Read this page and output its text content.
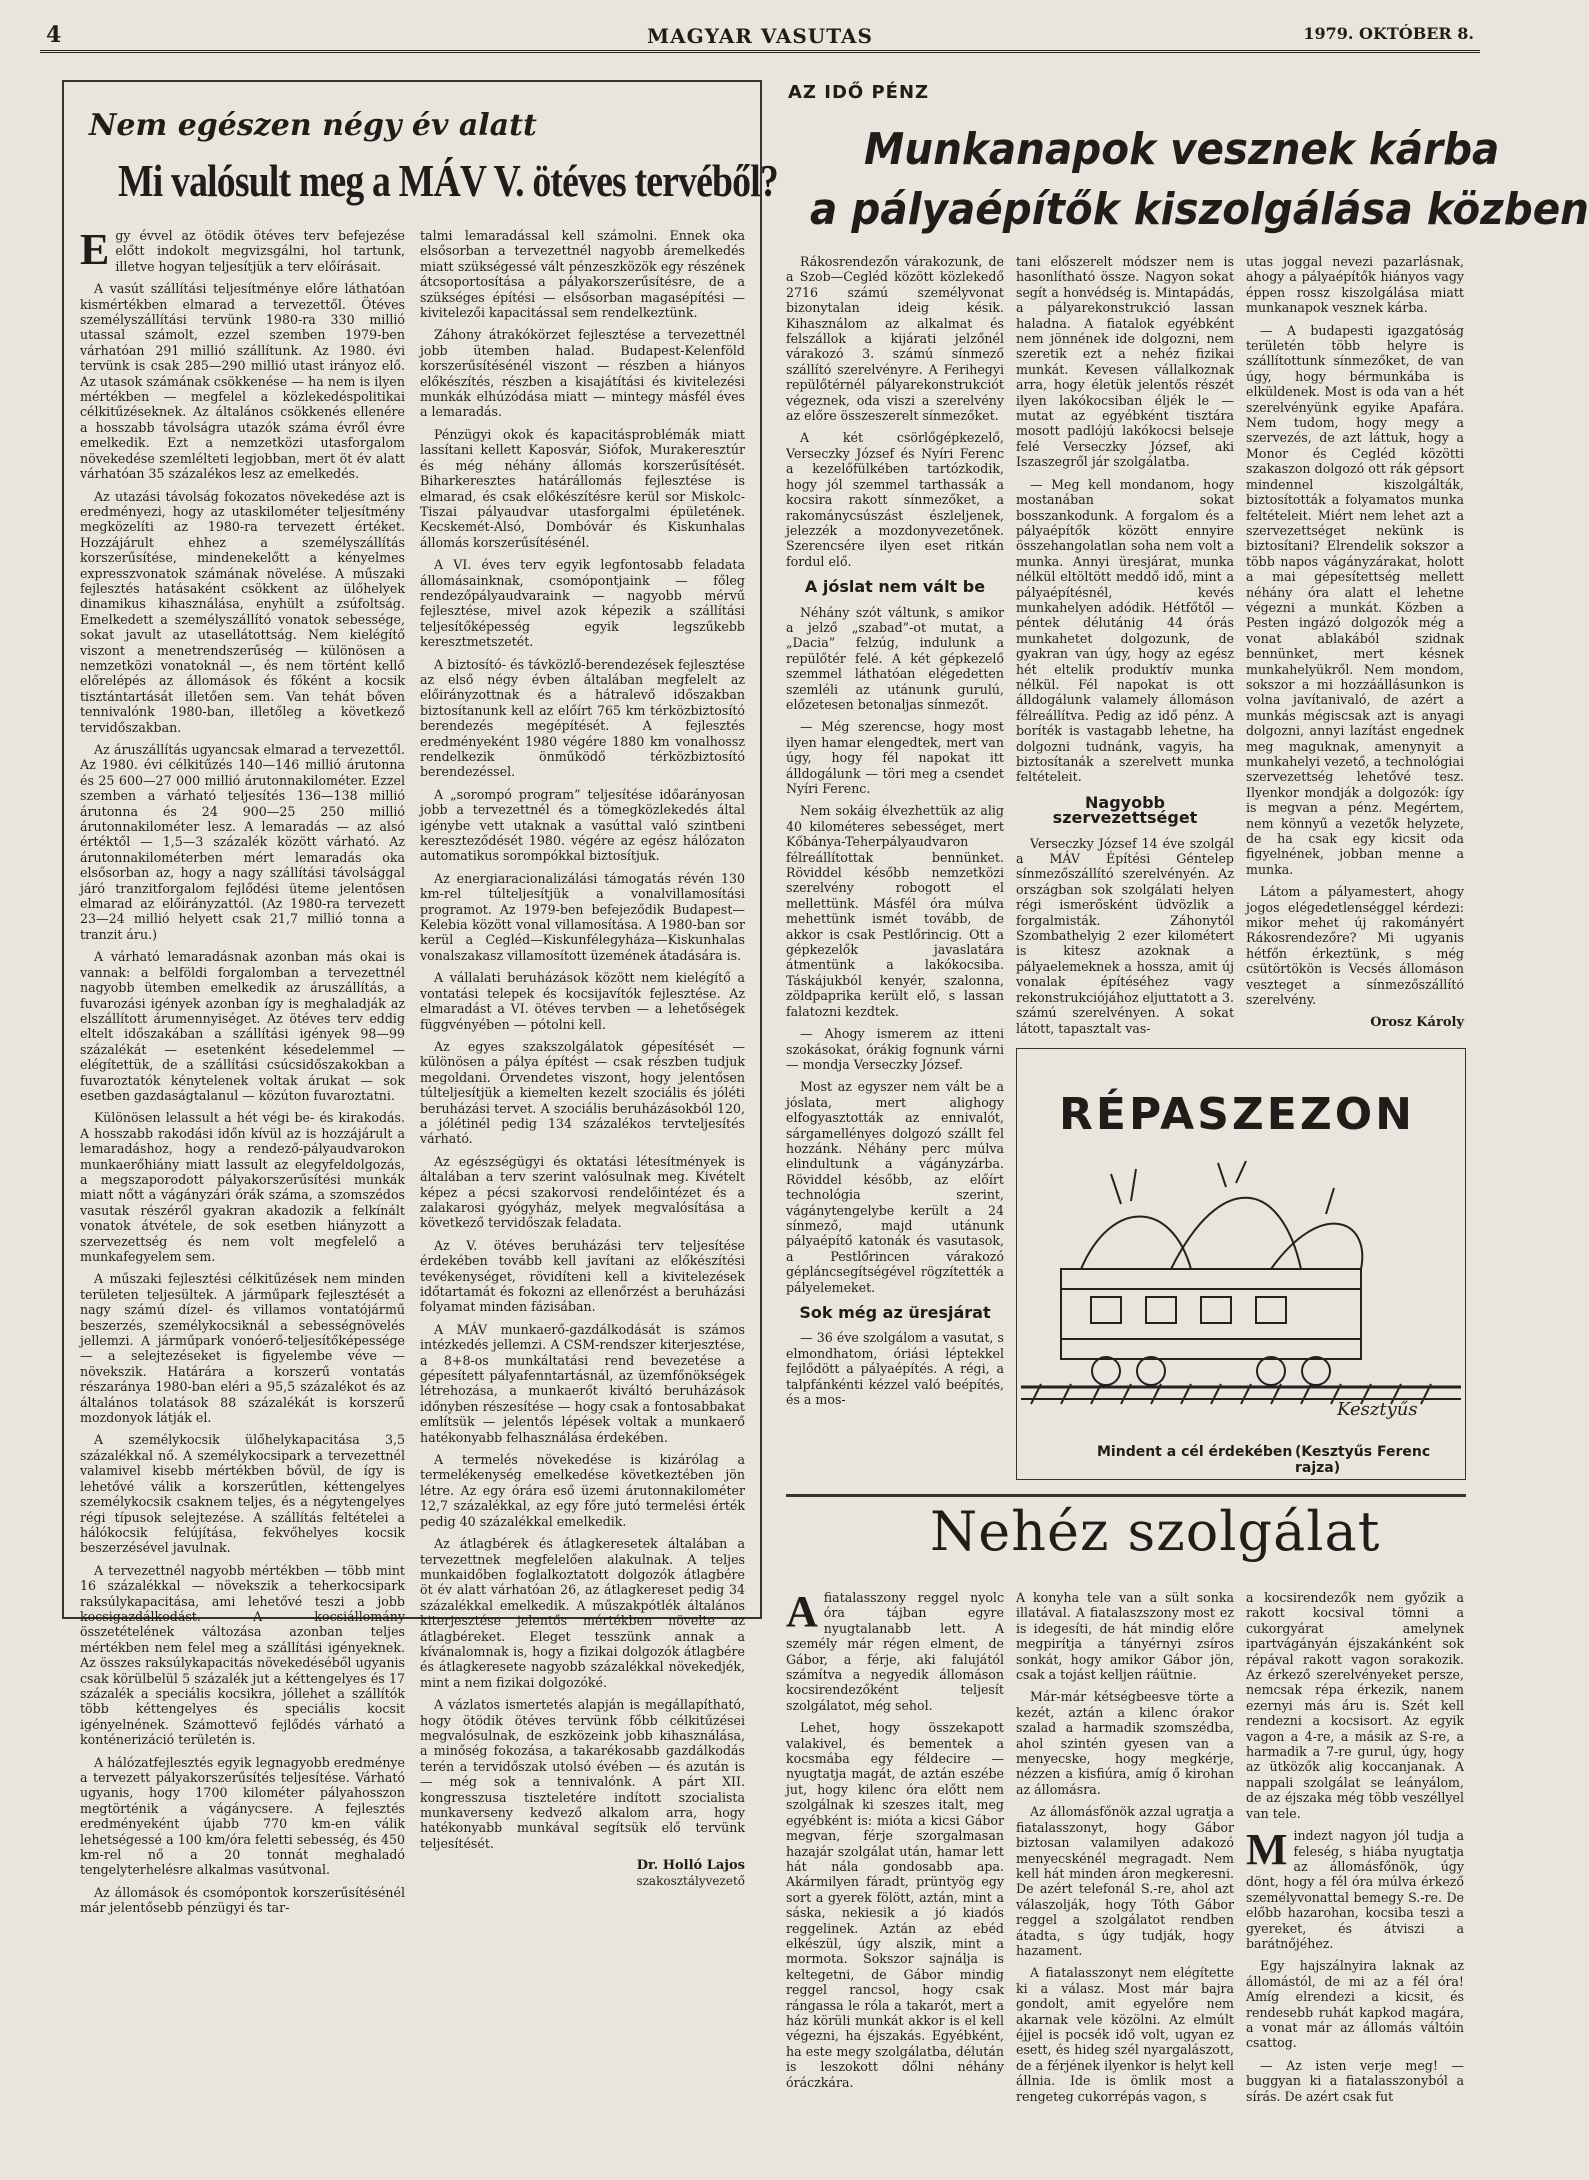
4	MAGYAR VASUTAS	1979. OKTÓBER 8.
Nem egészen négy év alatt
Mi valósult meg a MÁV V. ötéves tervéből?

Egy évvel az ötödik ötéves terv befejezése előtt indokolt megvizsgálni, hol tartunk, illetve hogyan teljesítjük a terv előírásait.

A vasút szállítási teljesítménye előre láthatóan kismértékben elmarad a tervezettől. Ötéves személyszállítási tervünk 1980-ra 330 millió utassal számolt, ezzel szemben 1979-ben várhatóan 291 millió szállítunk. Az 1980. évi tervünk is csak 285—290 millió utast irányoz elő. Az utasok számának csökkenése — ha nem is ilyen mértékben — megfelel a közlekedéspolitikai célkitűzéseknek. Az általános csökkenés ellenére a hosszabb távolságra utazók száma évről évre emelkedik. Ezt a nemzetközi utasforgalom növekedése szemlélteti legjobban, mert öt év alatt várhatóan 35 százalékos lesz az emelkedés.

Az utazási távolság fokozatos növekedése azt is eredményezi, hogy az utaskilométer teljesítmény megközelíti az 1980-ra tervezett értéket. Hozzájárult ehhez a személyszállítás korszerűsítése, mindenekelőtt a kényelmes expresszvonatok számának növelése. A műszaki fejlesztés hatásaként csökkent az ülőhelyek dinamikus kihasználása, enyhült a zsúfoltság. Emelkedett a személyszállító vonatok sebessége, sokat javult az utasellátottság. Nem kielégítő viszont a menetrendszerűség — különösen a nemzetközi vonatoknál —, és nem történt kellő előrelépés az állomások és főként a kocsik tisztántartását illetően sem. Van tehát bőven tennivalónk 1980-ban, illetőleg a következő tervidőszakban.

Az áruszállítás ugyancsak elmarad a tervezettől. Az 1980. évi célkitűzés 140—146 millió árutonna és 25 600—27 000 millió árutonnakilométer. Ezzel szemben a várható teljesítés 136—138 millió árutonna és 24 900—25 250 millió árutonnakilométer lesz. A lemaradás — az alsó értéktől — 1,5—3 százalék között várható. Az árutonnakilométerben mért lemaradás oka elsősorban az, hogy a nagy szállítási távolsággal járó tranzitforgalom fejlődési üteme jelentősen elmarad az előirányzattól. (Az 1980-ra tervezett 23—24 millió helyett csak 21,7 millió tonna a tranzit áru.)

A várható lemaradásnak azonban más okai is vannak: a belföldi forgalomban a tervezettnél nagyobb ütemben emelkedik az áruszállítás, a fuvarozási igények azonban így is meghaladják az elszállított árumennyiséget. Az ötéves terv eddig eltelt időszakában a szállítási igények 98—99 százalékát — esetenként késedelemmel — elégítettük, de a szállítási csúcsidőszakokban a fuvaroztatók kénytelenek voltak árukat — sok esetben gazdaságtalanul — közúton fuvaroztatni.

Különösen lelassult a hét végi be- és kirakodás. A hosszabb rakodási időn kívül az is hozzájárult a lemaradáshoz, hogy a rendező-pályaudvarokon munkaerőhiány miatt lassult az elegyfeldolgozás, a megszaporodott pályakorszerűsítési munkák miatt nőtt a vágányzári órák száma, a szomszédos vasutak részéről gyakran akadozik a felkínált vonatok átvétele, de sok esetben hiányzott a szervezettség és nem volt megfelelő a munkafegyelem sem.

A műszaki fejlesztési célkitűzések nem minden területen teljesültek. A járműpark fejlesztését a nagy számú dízel- és villamos vontatójármű beszerzés, személykocsiknál a sebességnövelés jellemzi. A járműpark vonóerő-teljesítőképessége — a selejtezéseket is figyelembe véve — növekszik. Határára a korszerű vontatás részaránya 1980-ban eléri a 95,5 százalékot és az általános tolatások 88 százalékát is korszerű mozdonyok látják el.

A személykocsik ülőhelykapacitása 3,5 százalékkal nő. A személykocsipark a tervezettnél valamivel kisebb mértékben bővül, de így is lehetővé válik a korszerűtlen, kéttengelyes személykocsik csaknem teljes, és a négytengelyes régi típusok selejtezése. A szállítás feltételei a hálókocsik felújítása, fekvőhelyes kocsik beszerzésével javulnak.

A tervezettnél nagyobb mértékben — több mint 16 százalékkal — növekszik a teherkocsipark raksúlykapacitása, ami lehetővé teszi a jobb kocsigazdálkodást. A kocsiállomány összetételének változása azonban teljes mértékben nem felel meg a szállítási igényeknek. Az összes raksúlykapacitás növekedéséből ugyanis csak körülbelül 5 százalék jut a kéttengelyes és 17 százalék a speciális kocsikra, jóllehet a szállítók több kéttengelyes és speciális kocsit igényelnének. Számottevő fejlődés várható a konténerizáció területén is.

A hálózatfejlesztés egyik legnagyobb eredménye a tervezett pályakorszerűsítés teljesítése. Várható ugyanis, hogy 1700 kilométer pályahosszon megtörténik a vágánycsere. A fejlesztés eredményeként újabb 770 km-en válik lehetségessé a 100 km/óra feletti sebesség, és 450 km-rel nő a 20 tonnát meghaladó tengelyterhelésre alkalmas vasútvonal.

Az állomások és csomópontok korszerűsítésénél már jelentősebb pénzügyi és tar-

talmi lemaradással kell számolni. Ennek oka elsősorban a tervezettnél nagyobb áremelkedés miatt szükségessé vált pénzeszközök egy részének átcsoportosítása a pályakorszerűsítésre, de a szükséges építési — elsősorban magasépítési — kivitelezői kapacitással sem rendelkeztünk.

Záhony átrakókörzet fejlesztése a tervezettnél jobb ütemben halad. Budapest-Kelenföld korszerűsítésénél viszont — részben a hiányos előkészítés, részben a kisajátítási és kivitelezési munkák elhúzódása miatt — mintegy másfél éves a lemaradás.

Pénzügyi okok és kapacitásproblémák miatt lassítani kellett Kaposvár, Siófok, Murakeresztúr és még néhány állomás korszerűsítését. Biharkeresztes határállomás fejlesztése is elmarad, és csak előkészítésre kerül sor Miskolc-Tiszai pályaudvar utasforgalmi épületének. Kecskemét-Alsó, Dombóvár és Kiskunhalas állomás korszerűsítésénél.

A VI. éves terv egyik legfontosabb feladata állomásainknak, csomópontjaink — főleg rendezőpályaudvaraink — nagyobb mérvű fejlesztése, mivel azok képezik a szállítási teljesítőképesség egyik legszűkebb keresztmetszetét.

A biztosító- és távközlő-berendezések fejlesztése az első négy évben általában megfelelt az előirányzottnak és a hátralevő időszakban biztosítanunk kell az előírt 765 km térközbiztosító berendezés megépítését. A fejlesztés eredményeként 1980 végére 1880 km vonalhossz rendelkezik önműködő térközbiztosító berendezéssel.

A „sorompó program” teljesítése időarányosan jobb a tervezettnél és a tömegközlekedés által igénybe vett utaknak a vasúttal való szintbeni kereszteződését 1980. végére az egész hálózaton automatikus sorompókkal biztosítjuk.

Az energiaracionalizálási támogatás révén 130 km-rel túlteljesítjük a vonalvillamosítási programot. Az 1979-ben befejeződik Budapest—Kelebia között vonal villamosítása. A 1980-ban sor kerül a Cegléd—Kiskunfélegyháza—Kiskunhalas vonalszakasz villamosított üzemének átadására is.

A vállalati beruházások között nem kielégítő a vontatási telepek és kocsijavítók fejlesztése. Az elmaradást a VI. ötéves tervben — a lehetőségek függvényében — pótolni kell.

Az egyes szakszolgálatok gépesítését — különösen a pálya építést — csak részben tudjuk megoldani. Örvendetes viszont, hogy jelentősen túlteljesítjük a kiemelten kezelt szociális és jóléti beruházási tervet. A szociális beruházásokból 120, a jólétinél pedig 134 százalékos tervteljesítés várható.

Az egészségügyi és oktatási létesítmények is általában a terv szerint valósulnak meg. Kivételt képez a pécsi szakorvosi rendelőintézet és a zalakarosi gyógyház, melyek megvalósítása a következő tervidőszak feladata.

Az V. ötéves beruházási terv teljesítése érdekében tovább kell javítani az előkészítési tevékenységet, rövidíteni kell a kivitelezések időtartamát és fokozni az ellenőrzést a beruházási folyamat minden fázisában.

A MÁV munkaerő-gazdálkodását is számos intézkedés jellemzi. A CSM-rendszer kiterjesztése, a 8+8-os munkáltatási rend bevezetése a gépesített pályafenntartásnál, az üzemfőnökségek létrehozása, a munkaerőt kiváltó beruházások időnyben részesítése — hogy csak a fontosabbakat említsük — jelentős lépések voltak a munkaerő hatékonyabb felhasználása érdekében.

A termelés növekedése is kizárólag a termelékenység emelkedése következtében jön létre. Az egy órára eső üzemi árutonnakilométer 12,7 százalékkal, az egy főre jutó termelési érték pedig 40 százalékkal emelkedik.

Az átlagbérek és átlagkeresetek általában a tervezettnek megfelelően alakulnak. A teljes munkaidőben foglalkoztatott dolgozók átlagbére öt év alatt várhatóan 26, az átlagkereset pedig 34 százalékkal emelkedik. A műszakpótlék általános kiterjesztése jelentős mértékben növelte az átlagbéreket. Eleget tesszünk annak a kívánalomnak is, hogy a fizikai dolgozók átlagbére és átlagkeresete nagyobb százalékkal növekedjék, mint a nem fizikai dolgozóké.

A vázlatos ismertetés alapján is megállapítható, hogy ötödik ötéves tervünk főbb célkitűzései megvalósulnak, de eszközeink jobb kihasználása, a minőség fokozása, a takarékosabb gazdálkodás terén a tervidőszak utolsó évében — és azután is — még sok a tennivalónk. A párt XII. kongresszusa tiszteletére indított szocialista munkaverseny kedvező alkalom arra, hogy hatékonyabb munkával segítsük elő tervünk teljesítését.

Dr. Holló Lajos
szakosztályvezető
AZ IDŐ PÉNZ
Munkanapok vesznek kárba
a pályaépítők kiszolgálása közben

Rákosrendezőn várakozunk, de a Szob—Cegléd között közlekedő 2716 számú személyvonat bizonytalan ideig késik. Kihasználom az alkalmat és felszállok a kijárati jelzőnél várakozó 3. számú sínmező szállító szerelvényre. A Ferihegyi repülőtérnél pályarekonstrukciót végeznek, oda viszi a szerelvény az előre összeszerelt sínmezőket.

A két csörlőgépkezelő, Verseczky József és Nyíri Ferenc a kezelőfülkében tartózkodik, hogy jól szemmel tarthassák a kocsira rakott sínmezőket, a rakománycsúszást észleljenek, jelezzék a mozdonyvezetőnek. Szerencsére ilyen eset ritkán fordul elő.

A jóslat nem vált be

Néhány szót váltunk, s amikor a jelző „szabad”-ot mutat, a „Dacia” felzúg, indulunk a repülőtér felé. A két gépkezelő szemmel láthatóan elégedetten szemléli az utánunk gurulú, előzetesen betonaljas sínmezőt.

— Még szerencse, hogy most ilyen hamar elengedtek, mert van úgy, hogy fél napokat itt álldogálunk — töri meg a csendet Nyíri Ferenc.

Nem sokáig élvezhettük az alig 40 kilométeres sebességet, mert Kőbánya-Teherpályaudvaron félreállítottak bennünket. Röviddel később nemzetközi szerelvény robogott el mellettünk. Másfél óra múlva mehettünk ismét tovább, de akkor is csak Pestlőrincig. Ott a gépkezelők javaslatára átmentünk a lakókocsiba. Táskájukból kenyér, szalonna, zöldpaprika került elő, s lassan falatozni kezdtek.

— Ahogy ismerem az itteni szokásokat, órákig fognunk várni — mondja Verseczky József.

Most az egyszer nem vált be a jóslata, mert alighogy elfogyasztották az ennivalót, sárgamellényes dolgozó szállt fel hozzánk. Néhány perc múlva elindultunk a vágányzárba. Röviddel később, az előírt technológia szerint, vágánytengelybe került a 24 sínmező, majd utánunk pályaépítő katonák és vasutasok, a Pestlőrincen várakozó gépláncsegítségével rögzítették a pályelemeket.

Sok még az üresjárat

— 36 éve szolgálom a vasutat, s elmondhatom, óriási léptekkel fejlődött a pályaépítés. A régi, a talpfánkénti kézzel való beépítés, és a mos-

tani előszerelt módszer nem is hasonlítható össze. Nagyon sokat segít a honvédség is. Mintapádás, a pályarekonstrukció lassan haladna. A fiatalok egyébként nem jönnének ide dolgozni, nem szeretik ezt a nehéz fizikai munkát. Kevesen vállalkoznak arra, hogy életük jelentős részét ilyen lakókocsiban éljék le — mutat az egyébként tisztára mosott padlójú lakókocsi belseje felé Verseczky József, aki Iszaszegről jár szolgálatba.

— Meg kell mondanom, hogy mostanában sokat bosszankodunk. A forgalom és a pályaépítők között ennyire összehangolatlan soha nem volt a munka. Annyi üresjárat, munka nélkül eltöltött meddő idő, mint a pályaépítésnél, kevés munkahelyen adódik. Hétfőtől — péntek délutánig 44 órás munkahetet dolgozunk, de gyakran van úgy, hogy az egész hét eltelik produktív munka nélkül. Fél napokat is ott álldogálunk valamely állomáson félreállítva. Pedig az idő pénz. A boríték is vastagabb lehetne, ha dolgozni tudnánk, vagyis, ha biztosítanák a szerelvett munka feltételeit.

Nagyobb szervezettséget

Verseczky József 14 éve szolgál a MÁV Építési Géntelep sínmezőszállító szerelvényén. Az országban sok szolgálati helyen régi ismerősként üdvözlik a forgalmisták. Záhonytól Szombathelyig 2 ezer kilométert is kitesz azoknak a pályaelemeknek a hossza, amit új vonalak építéséhez vagy rekonstrukciójához eljuttatott a 3. számú szerelvényen. A sokat látott, tapasztalt vas-

utas joggal nevezi pazarlásnak, ahogy a pályaépítők hiányos vagy éppen rossz kiszolgálása miatt munkanapok vesznek kárba.

— A budapesti igazgatóság területén több helyre is szállítottunk sínmezőket, de van úgy, hogy bérmunkába is elküldenek. Most is oda van a hét szerelvényünk egyike Apafára. Nem tudom, hogy megy a szervezés, de azt láttuk, hogy a Monor és Cegléd közötti szakaszon dolgozó ott rák gépsort mindennel kiszolgálták, biztosították a folyamatos munka feltételeit. Miért nem lehet azt a szervezettséget nekünk is biztosítani? Elrendelik sokszor a több napos vágányzárakat, holott a mai gépesítettség mellett néhány óra alatt el lehetne végezni a munkát. Közben a Pesten ingázó dolgozók még a vonat ablakából szidnak bennünket, mert késnek munkahelyükről. Nem mondom, sokszor a mi hozzáállásunkon is volna javítanivaló, de azért a munkás mégiscsak azt is anyagi dolgozni, annyi lazítást engednek meg maguknak, amenynyit a munkahelyi vezető, a technológiai szervezettség lehetővé tesz. Ilyenkor mondják a dolgozók: így is megvan a pénz. Megértem, nem könnyű a vezetők helyzete, de ha csak egy kicsit oda figyelnének, jobban menne a munka.

Látom a pályamestert, ahogy jogos elégedetlenséggel kérdezi: mikor mehet új rakományért Rákosrendezőre? Mi ugyanis hétfőn érkeztünk, s még csütörtökön is Vecsés állomáson veszteget a sínmezőszállító szerelvény.

Orosz Károly
RÉPASZEZON
Kesztyűs
Mindent a cél érdekében (Kesztyűs Ferenc rajza)
Nehéz szolgálat

Afiatalasszony reggel nyolc óra tájban egyre nyugtalanabb lett. A személy már régen elment, de Gábor, a férje, aki falujától számítva a negyedik állomáson kocsirendezőként teljesít szolgálatot, még sehol.

Lehet, hogy összekapott valakivel, és bementek a kocsmába egy féldecire — nyugtatja magát, de aztán eszébe jut, hogy kilenc óra előtt nem szolgálnak ki szeszes italt, meg egyébként is: mióta a kicsi Gábor megvan, férje szorgalmasan hazajár szolgálat után, hamar lett hát nála gondosabb apa. Akármilyen fáradt, prüntyög egy sort a gyerek fölött, aztán, mint a sáska, nekiesik a jó kiadós reggelinek. Aztán az ebéd elkészül, úgy alszik, mint a mormota. Sokszor sajnálja is keltegetni, de Gábor mindig reggel rancsol, hogy csak rángassa le róla a takarót, mert a ház körüli munkát akkor is el kell végezni, ha éjszakás. Egyébként, ha este megy szolgálatba, délután is leszokott dőlni néhány óráczkára.

A konyha tele van a sült sonka illatával. A fiatalaszszony most ez is idegesíti, de hát mindig előre megpirítja a tányérnyi zsíros sonkát, hogy amikor Gábor jön, csak a tojást kelljen ráütnie.

Már-már kétségbeesve törte a kezét, aztán a kilenc órakor szalad a harmadik szomszédba, ahol szintén gyesen van a menyecske, hogy megkérje, nézzen a kisfiúra, amíg ő kirohan az állomásra.

Az állomásfőnök azzal ugratja a fiatalasszonyt, hogy Gábor biztosan valamilyen adakozó menyecskénél megragadt. Nem kell hát minden áron megkeresni. De azért telefonál S.-re, ahol azt válaszolják, hogy Tóth Gábor reggel a szolgálatot rendben átadta, s úgy tudják, hogy hazament.

A fiatalasszonyt nem elégítette ki a válasz. Most már bajra gondolt, amit egyelőre nem akarnak vele közölni. Az elmúlt éjjel is pocsék idő volt, ugyan ez esett, és hideg szél nyargalászott, de a férjének ilyenkor is helyt kell állnia. Ide is ömlik most a rengeteg cukorrépás vagon, s

a kocsirendezők nem győzik a rakott kocsival tömni a cukorgyárat amelynek ipartvágányán éjszakánként sok répával rakott vagon sorakozik. Az érkező szerelvényeket persze, nemcsak répa érkezik, nanem ezernyi más áru is. Szét kell rendezni a kocsisort. Az egyik vagon a 4-re, a másik az S-re, a harmadik a 7-re gurul, úgy, hogy az ütközők alig koccanjanak. A nappali szolgálat se leányálom, de az éjszaka még több veszéllyel van tele.

Mindezt nagyon jól tudja a feleség, s hiába nyugtatja az állomásfőnök, úgy dönt, hogy a fél óra múlva érkező személyvonattal bemegy S.-re. De előbb hazarohan, kocsiba teszi a gyereket, és átviszi a barátnőjéhez.

Egy hajszálnyira laknak az állomástól, de mi az a fél óra! Amíg elrendezi a kicsit, és rendesebb ruhát kapkod magára, a vonat már az állomás váltóin csattog.

— Az isten verje meg! — buggyan ki a fiatalasszonyból a sírás. De azért csak fut
